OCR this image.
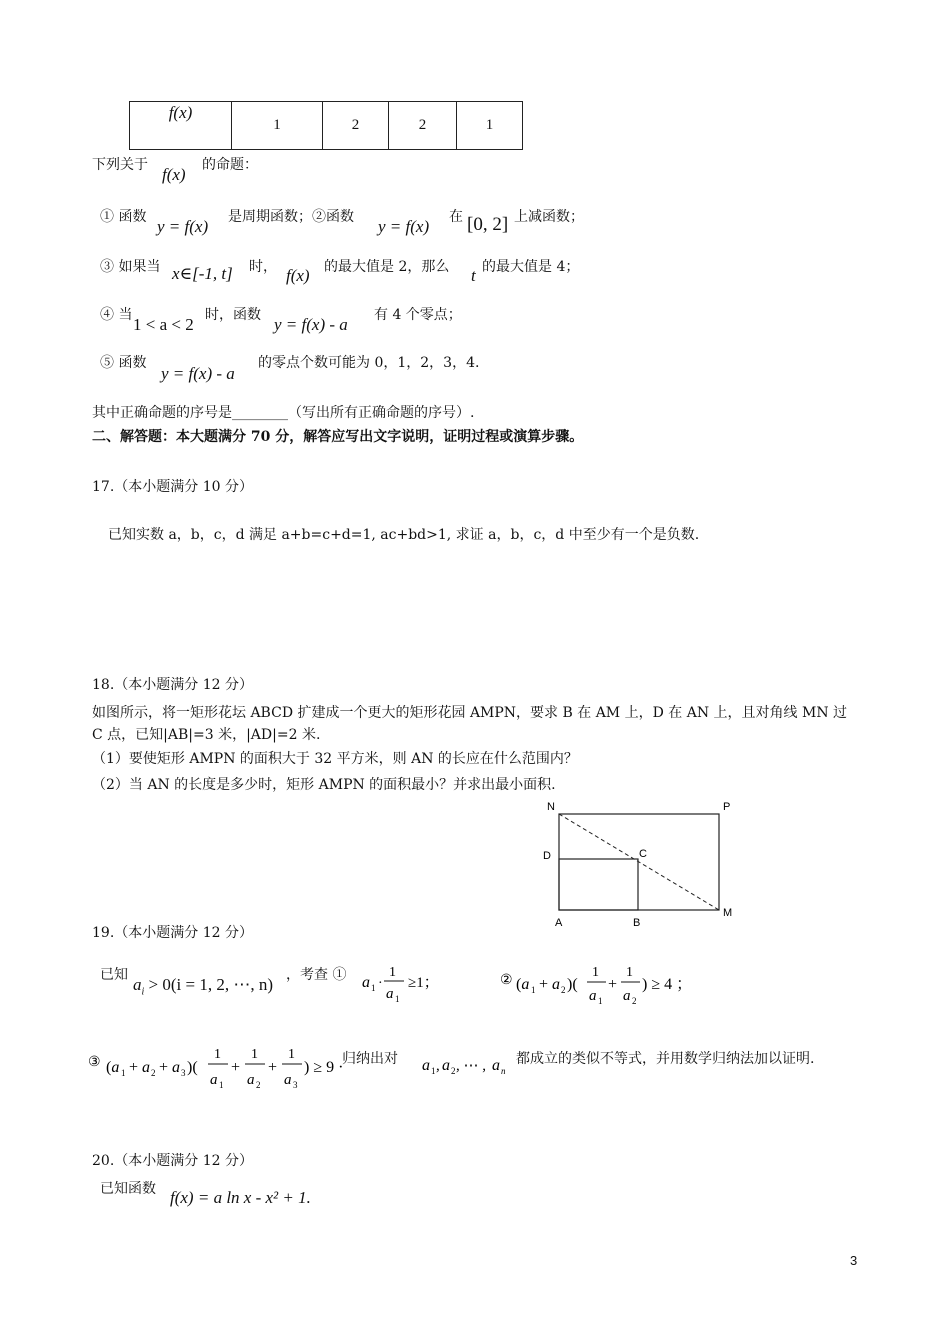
f(x)	1	2	2	1
下列关于 f(x) 的命题：
① 函数 y = f(x) 是周期函数；②函数 y = f(x) 在 [0, 2] 上减函数；
③ 如果当 x∈[-1, t] 时， f(x) 的最大值是 2，那么 t 的最大值是 4；
④ 当 1 < a < 2 时，函数 y = f(x) - a 有 4 个零点；
⑤ 函数
y = f(x) - a
的零点个数可能为 0，1，2，3，4.
其中正确命题的序号是________（写出所有正确命题的序号）.
二、解答题：本大题满分 70 分，解答应写出文字说明，证明过程或演算步骤。
17.（本小题满分 10 分）
已知实数 a，b，c，d 满足 a+b=c+d=1, ac+bd>1, 求证 a，b，c，d 中至少有一个是负数.
18.（本小题满分 12 分）
如图所示，将一矩形花坛 ABCD 扩建成一个更大的矩形花园 AMPN，要求 B 在 AM 上，D 在 AN 上，且对角线 MN 过
C 点，已知|AB|=3 米，|AD|=2 米.
（1）要使矩形 AMPN 的面积大于 32 平方米，则 AN 的长应在什么范围内？
（2）当 AN 的长度是多少时，矩形 AMPN 的面积最小？并求出最小面积.
N	P
D	C
A	B
M
19.（本小题满分 12 分）
已知 $a_i > 0(i = 1$, 2, ⋯, n) ，考查 ① a 1 ·
1
a 1
≥1；	② (a 1 + a 2 )(
1
a 1
+
1
a 2
) ≥ 4 ；
③ (a 1 + a 2 + a 3 )(
1
a 1
+
1
a 2
+
1
a 3
) ≥ 9 ·
归纳出对 a 1 , a 2 , ⋯ , a n
都成立的类似不等式，并用数学归纳法加以证明.
20.（本小题满分 12 分）
已知函数 f(x) = a ln x - x² + 1.
3
